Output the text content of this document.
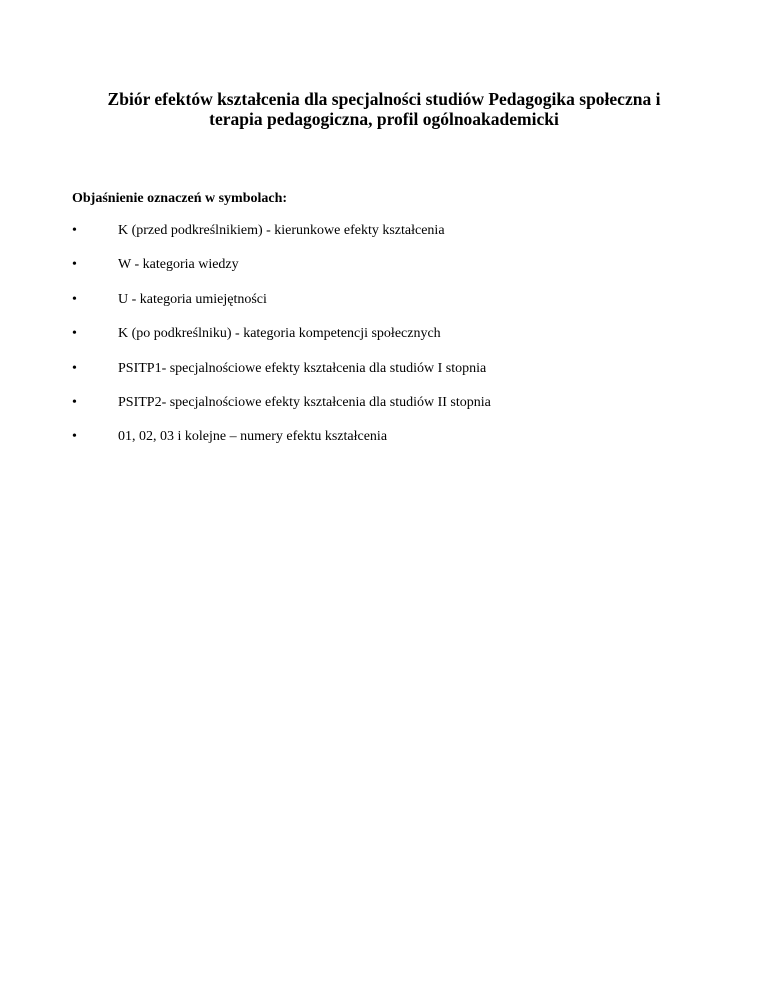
Zbiór efektów kształcenia dla specjalności studiów Pedagogika społeczna i
terapia pedagogiczna, profil ogólnoakademicki

Objaśnienie oznaczeń w symbolach:

•	K (przed podkreślnikiem) - kierunkowe efekty kształcenia
•	W - kategoria wiedzy
•	U - kategoria umiejętności
•	K (po podkreślniku) - kategoria kompetencji społecznych
•	PSITP1- specjalnościowe efekty kształcenia dla studiów I stopnia
•	PSITP2- specjalnościowe efekty kształcenia dla studiów II stopnia
•	01, 02, 03 i kolejne – numery efektu kształcenia
